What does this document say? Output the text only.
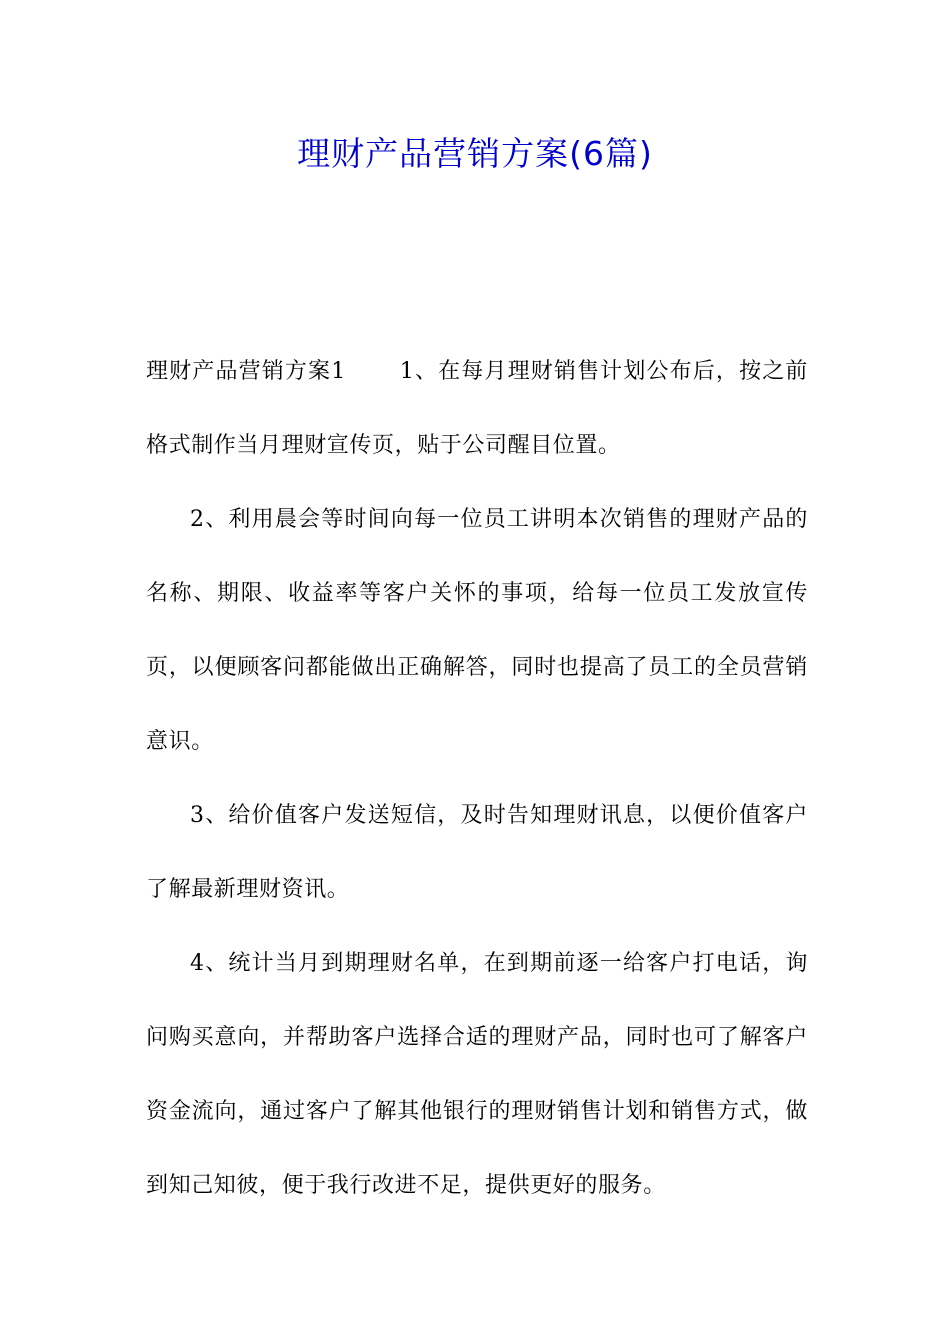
理财产品营销方案(6篇)

理财产品营销方案1 1、在每月理财销售计划公布后，按之前格式制作当月理财宣传页，贴于公司醒目位置。

2、利用晨会等时间向每一位员工讲明本次销售的理财产品的名称、期限、收益率等客户关怀的事项，给每一位员工发放宣传页，以便顾客问都能做出正确解答，同时也提高了员工的全员营销意识。

3、给价值客户发送短信，及时告知理财讯息，以便价值客户了解最新理财资讯。

4、统计当月到期理财名单，在到期前逐一给客户打电话，询问购买意向，并帮助客户选择合适的理财产品，同时也可了解客户资金流向，通过客户了解其他银行的理财销售计划和销售方式，做到知己知彼，便于我行改进不足，提供更好的服务。
